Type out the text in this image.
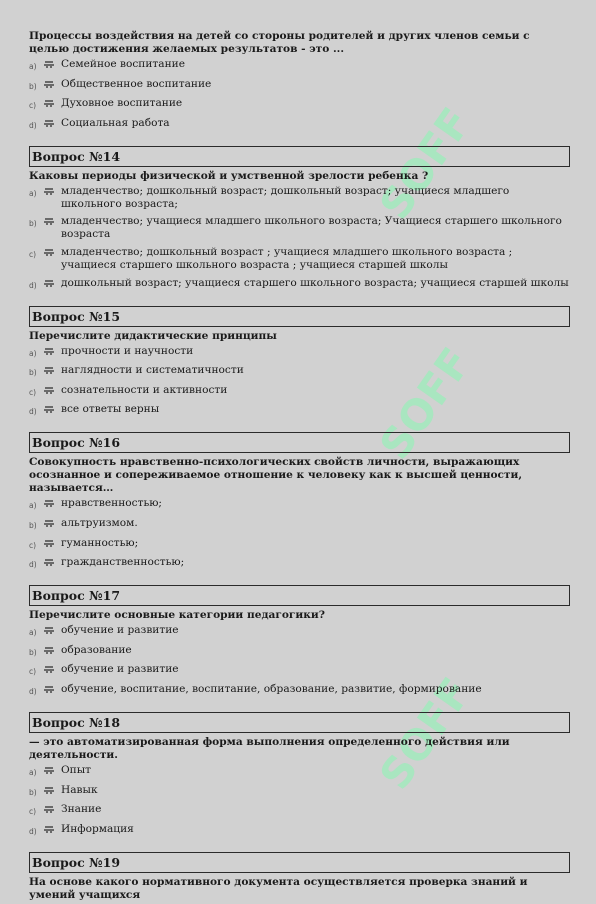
SOFF
SOFF
SOFF
Процессы воздействия на детей со стороны родителей и других членов семьи с целью достижения желаемых результатов - это ...
a)	Семейное воспитание
b)	Общественное воспитание
c)	Духовное воспитание
d)	Социальная работа
Вопрос №14
Каковы периоды физической и умственной зрелости ребенка ?
a)	младенчество; дошкольный возраст; дошкольный возраст; учащиеся младшего школьного возраста;
b)	младенчество; учащиеся младшего школьного возраста; Учащиеся старшего школьного возраста
c)	младенчество; дошкольный возраст ; учащиеся младшего школьного возраста ; учащиеся старшего школьного возраста ; учащиеся старшей школы
d)	дошкольный возраст; учащиеся старшего школьного возраста; учащиеся старшей школы
Вопрос №15
Перечислите дидактические принципы
a)	прочности и научности
b)	наглядности и систематичности
c)	сознательности и активности
d)	все ответы верны
Вопрос №16
Совокупность нравственно-психологических свойств личности, выражающих осознанное и сопереживаемое отношение к человеку как к высшей ценности, называется…
a)	нравственностью;
b)	альтруизмом.
c)	гуманностью;
d)	гражданственностью;
Вопрос №17
Перечислите основные категории педагогики?
a)	обучение и развитие
b)	образование
c)	обучение и развитие
d)	обучение, воспитание, воспитание, образование, развитие, формирование
Вопрос №18
— это автоматизированная форма выполнения определенного действия или деятельности.
a)	Опыт
b)	Навык
c)	Знание
d)	Информация
Вопрос №19
На основе какого нормативного документа осуществляется проверка знаний и умений учащихся
